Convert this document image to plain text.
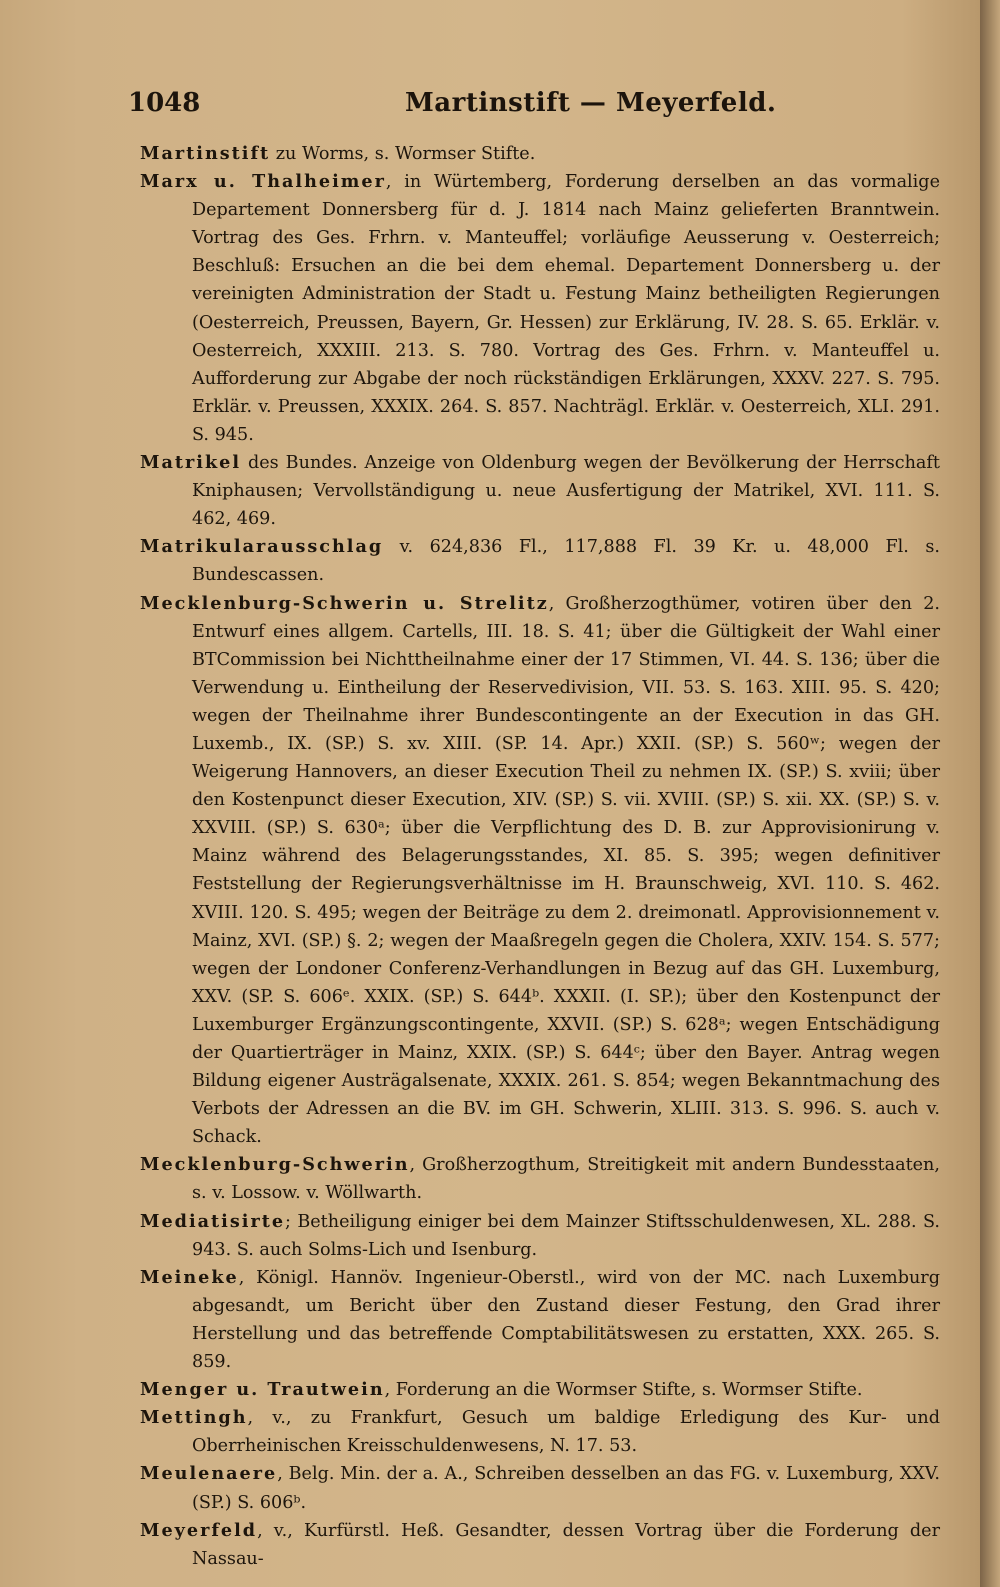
1048	Martinstift — Meyerfeld.

Martinstift zu Worms, s. Wormser Stifte.

Marx u. Thalheimer, in Würtemberg, Forderung derselben an das vormalige Departement Donnersberg für d. J. 1814 nach Mainz gelieferten Branntwein. Vortrag des Ges. Frhrn. v. Manteuffel; vorläufige Aeusserung v. Oesterreich; Beschluß: Ersuchen an die bei dem ehemal. Departement Donnersberg u. der vereinigten Administration der Stadt u. Festung Mainz betheiligten Regierungen (Oesterreich, Preussen, Bayern, Gr. Hessen) zur Erklärung, IV. 28. S. 65. Erklär. v. Oesterreich, XXXIII. 213. S. 780. Vortrag des Ges. Frhrn. v. Manteuffel u. Aufforderung zur Abgabe der noch rückständigen Erklärungen, XXXV. 227. S. 795. Erklär. v. Preussen, XXXIX. 264. S. 857. Nachträgl. Erklär. v. Oesterreich, XLI. 291. S. 945.

Matrikel des Bundes. Anzeige von Oldenburg wegen der Bevölkerung der Herrschaft Kniphausen; Vervollständigung u. neue Ausfertigung der Matrikel, XVI. 111. S. 462, 469.

Matrikularausschlag v. 624,836 Fl., 117,888 Fl. 39 Kr. u. 48,000 Fl. s. Bundescassen.

Mecklenburg-Schwerin u. Strelitz, Großherzogthümer, votiren über den 2. Entwurf eines allgem. Cartells, III. 18. S. 41; über die Gültigkeit der Wahl einer BTCommission bei Nichttheilnahme einer der 17 Stimmen, VI. 44. S. 136; über die Verwendung u. Eintheilung der Reservedivision, VII. 53. S. 163. XIII. 95. S. 420; wegen der Theilnahme ihrer Bundescontingente an der Execution in das GH. Luxemb., IX. (SP.) S. xv. XIII. (SP. 14. Apr.) XXII. (SP.) S. 560ʷ; wegen der Weigerung Hannovers, an dieser Execution Theil zu nehmen IX. (SP.) S. xviii; über den Kostenpunct dieser Execution, XIV. (SP.) S. vii. XVIII. (SP.) S. xii. XX. (SP.) S. v. XXVIII. (SP.) S. 630ᵃ; über die Verpflichtung des D. B. zur Approvisionirung v. Mainz während des Belagerungsstandes, XI. 85. S. 395; wegen definitiver Feststellung der Regierungsverhältnisse im H. Braunschweig, XVI. 110. S. 462. XVIII. 120. S. 495; wegen der Beiträge zu dem 2. dreimonatl. Approvisionnement v. Mainz, XVI. (SP.) §. 2; wegen der Maaßregeln gegen die Cholera, XXIV. 154. S. 577; wegen der Londoner Conferenz-Verhandlungen in Bezug auf das GH. Luxemburg, XXV. (SP. S. 606ᵉ. XXIX. (SP.) S. 644ᵇ. XXXII. (I. SP.); über den Kostenpunct der Luxemburger Ergänzungscontingente, XXVII. (SP.) S. 628ᵃ; wegen Entschädigung der Quartierträger in Mainz, XXIX. (SP.) S. 644ᶜ; über den Bayer. Antrag wegen Bildung eigener Austrägalsenate, XXXIX. 261. S. 854; wegen Bekanntmachung des Verbots der Adressen an die BV. im GH. Schwerin, XLIII. 313. S. 996. S. auch v. Schack.

Mecklenburg-Schwerin, Großherzogthum, Streitigkeit mit andern Bundesstaaten, s. v. Lossow. v. Wöllwarth.

Mediatisirte; Betheiligung einiger bei dem Mainzer Stiftsschuldenwesen, XL. 288. S. 943. S. auch Solms-Lich und Isenburg.

Meineke, Königl. Hannöv. Ingenieur-Oberstl., wird von der MC. nach Luxemburg abgesandt, um Bericht über den Zustand dieser Festung, den Grad ihrer Herstellung und das betreffende Comptabilitätswesen zu erstatten, XXX. 265. S. 859.

Menger u. Trautwein, Forderung an die Wormser Stifte, s. Wormser Stifte.

Mettingh, v., zu Frankfurt, Gesuch um baldige Erledigung des Kur- und Oberrheinischen Kreisschuldenwesens, N. 17. 53.

Meulenaere, Belg. Min. der a. A., Schreiben desselben an das FG. v. Luxemburg, XXV. (SP.) S. 606ᵇ.

Meyerfeld, v., Kurfürstl. Heß. Gesandter, dessen Vortrag über die Forderung der Nassau-
